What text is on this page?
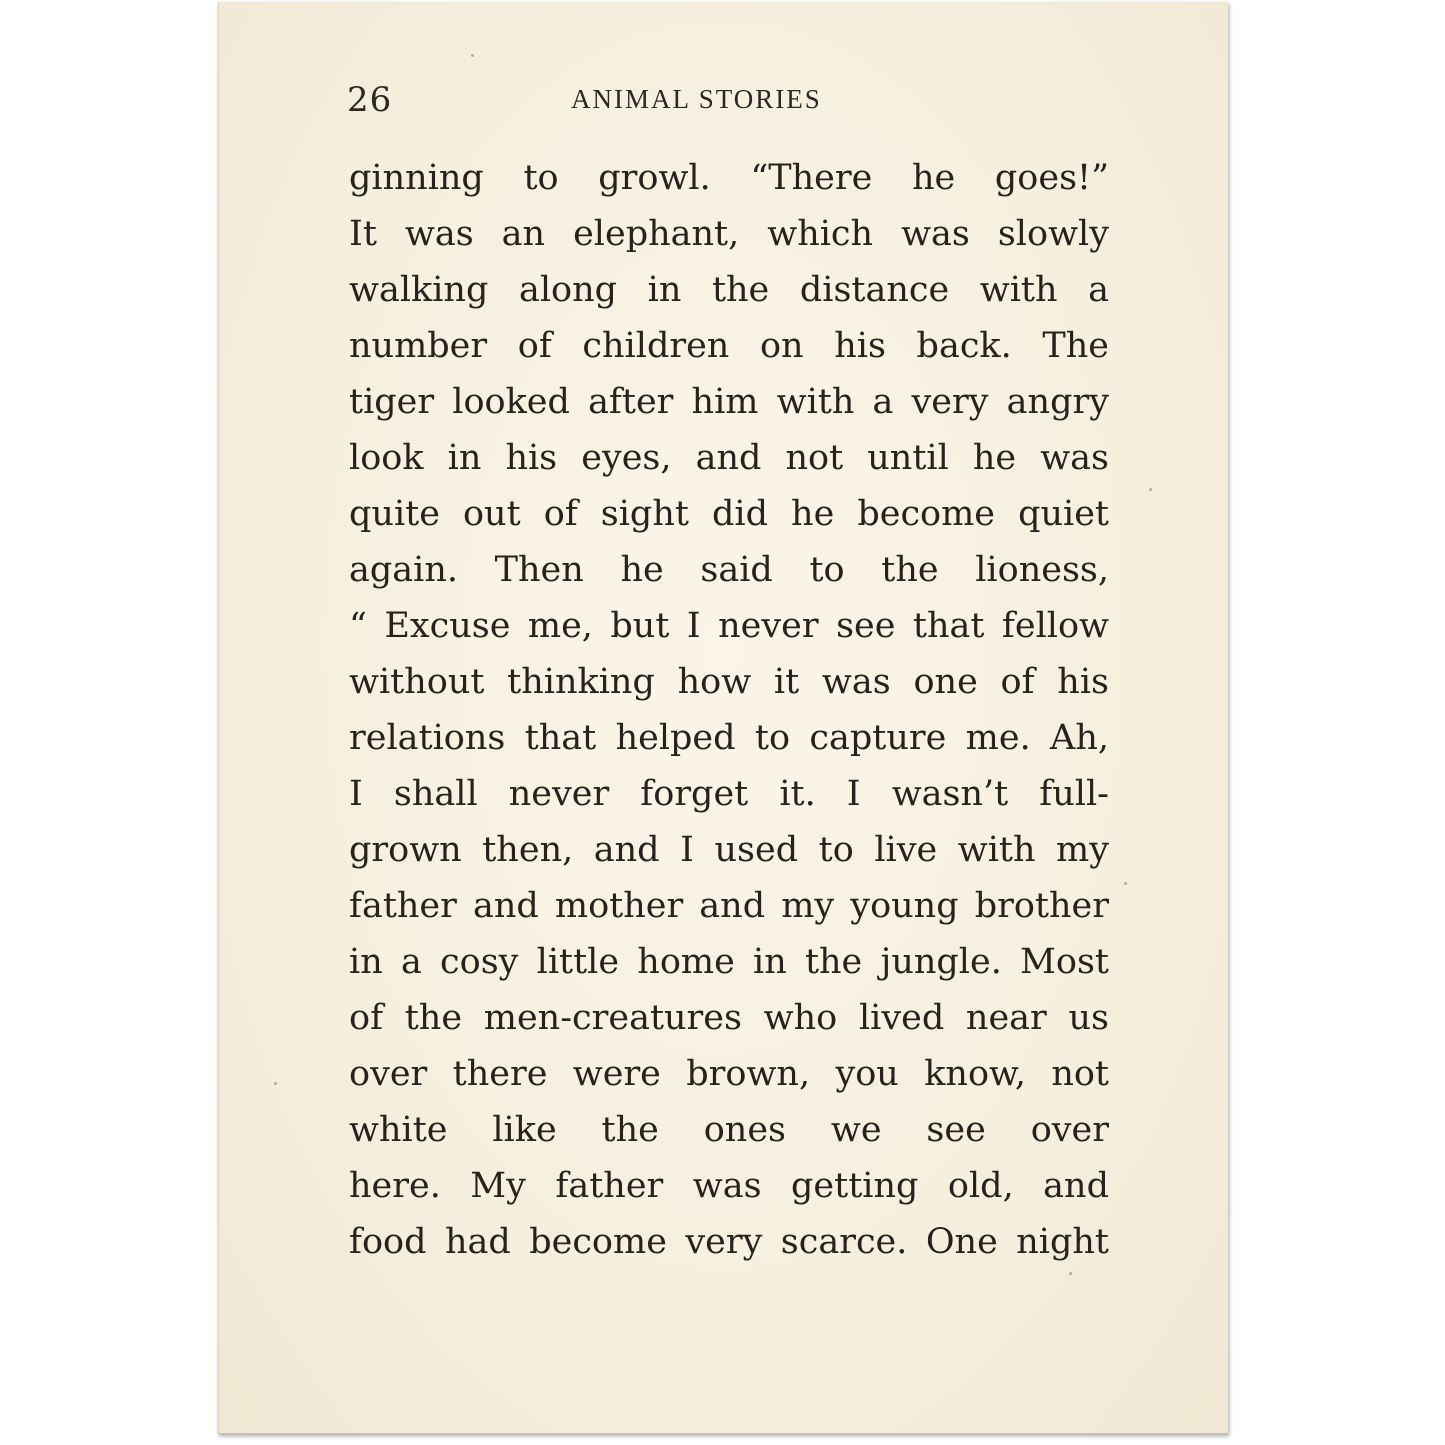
26	ANIMAL STORIES
ginning to growl. “There he goes!”
It was an elephant, which was slowly
walking along in the distance with a
number of children on his back. The
tiger looked after him with a very angry
look in his eyes, and not until he was
quite out of sight did he become quiet
again. Then he said to the lioness,
“ Excuse me, but I never see that fellow
without thinking how it was one of his
relations that helped to capture me. Ah,
I shall never forget it. I wasn’t full-
grown then, and I used to live with my
father and mother and my young brother
in a cosy little home in the jungle. Most
of the men-creatures who lived near us
over there were brown, you know, not
white like the ones we see over
here. My father was getting old, and
food had become very scarce. One night
